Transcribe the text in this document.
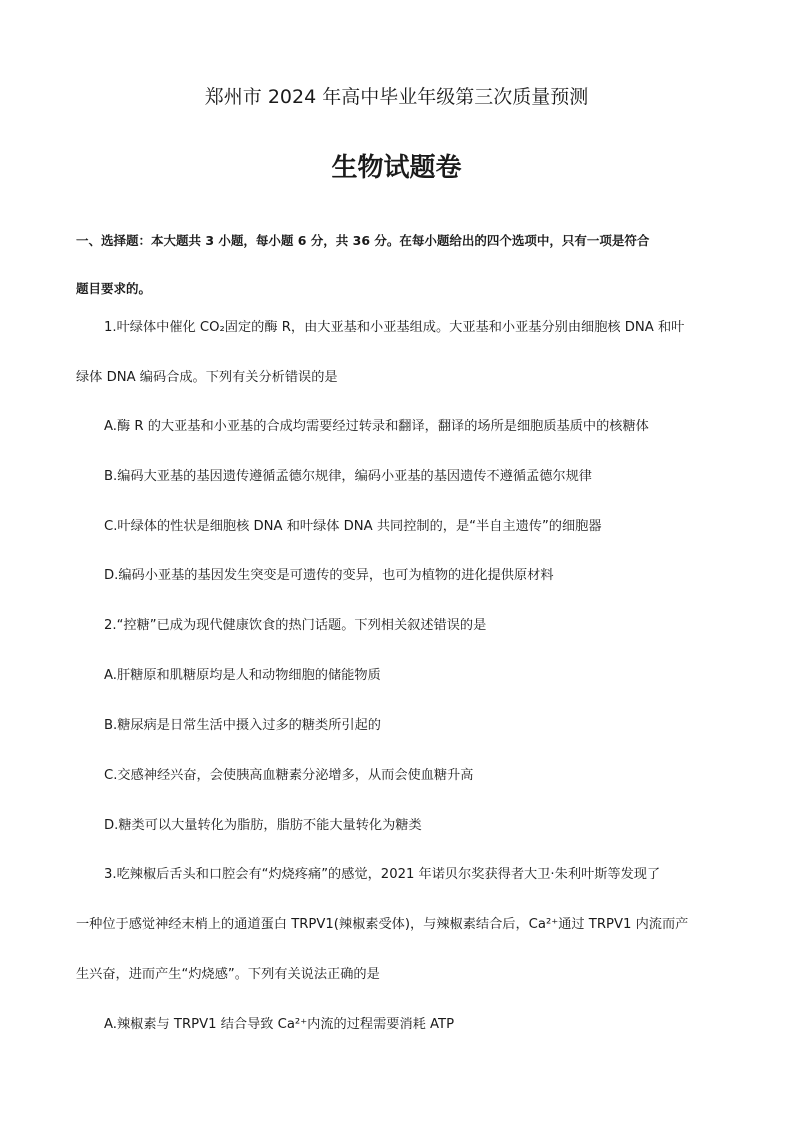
郑州市 2024 年高中毕业年级第三次质量预测
生物试题卷
一、选择题：本大题共 3 小题，每小题 6 分，共 36 分。在每小题给出的四个选项中，只有一项是符合
题目要求的。
1.叶绿体中催化 CO₂固定的酶 R，由大亚基和小亚基组成。大亚基和小亚基分别由细胞核 DNA 和叶
绿体 DNA 编码合成。下列有关分析错误的是
A.酶 R 的大亚基和小亚基的合成均需要经过转录和翻译，翻译的场所是细胞质基质中的核糖体
B.编码大亚基的基因遗传遵循孟德尔规律，编码小亚基的基因遗传不遵循孟德尔规律
C.叶绿体的性状是细胞核 DNA 和叶绿体 DNA 共同控制的，是“半自主遗传”的细胞器
D.编码小亚基的基因发生突变是可遗传的变异，也可为植物的进化提供原材料
2.“控糖”已成为现代健康饮食的热门话题。下列相关叙述错误的是
A.肝糖原和肌糖原均是人和动物细胞的储能物质
B.糖尿病是日常生活中摄入过多的糖类所引起的
C.交感神经兴奋，会使胰高血糖素分泌增多，从而会使血糖升高
D.糖类可以大量转化为脂肪，脂肪不能大量转化为糖类
3.吃辣椒后舌头和口腔会有“灼烧疼痛”的感觉，2021 年诺贝尔奖获得者大卫·朱利叶斯等发现了
一种位于感觉神经末梢上的通道蛋白 TRPV1(辣椒素受体)，与辣椒素结合后，Ca²⁺通过 TRPV1 内流而产
生兴奋，进而产生“灼烧感”。下列有关说法正确的是
A.辣椒素与 TRPV1 结合导致 Ca²⁺内流的过程需要消耗 ATP
